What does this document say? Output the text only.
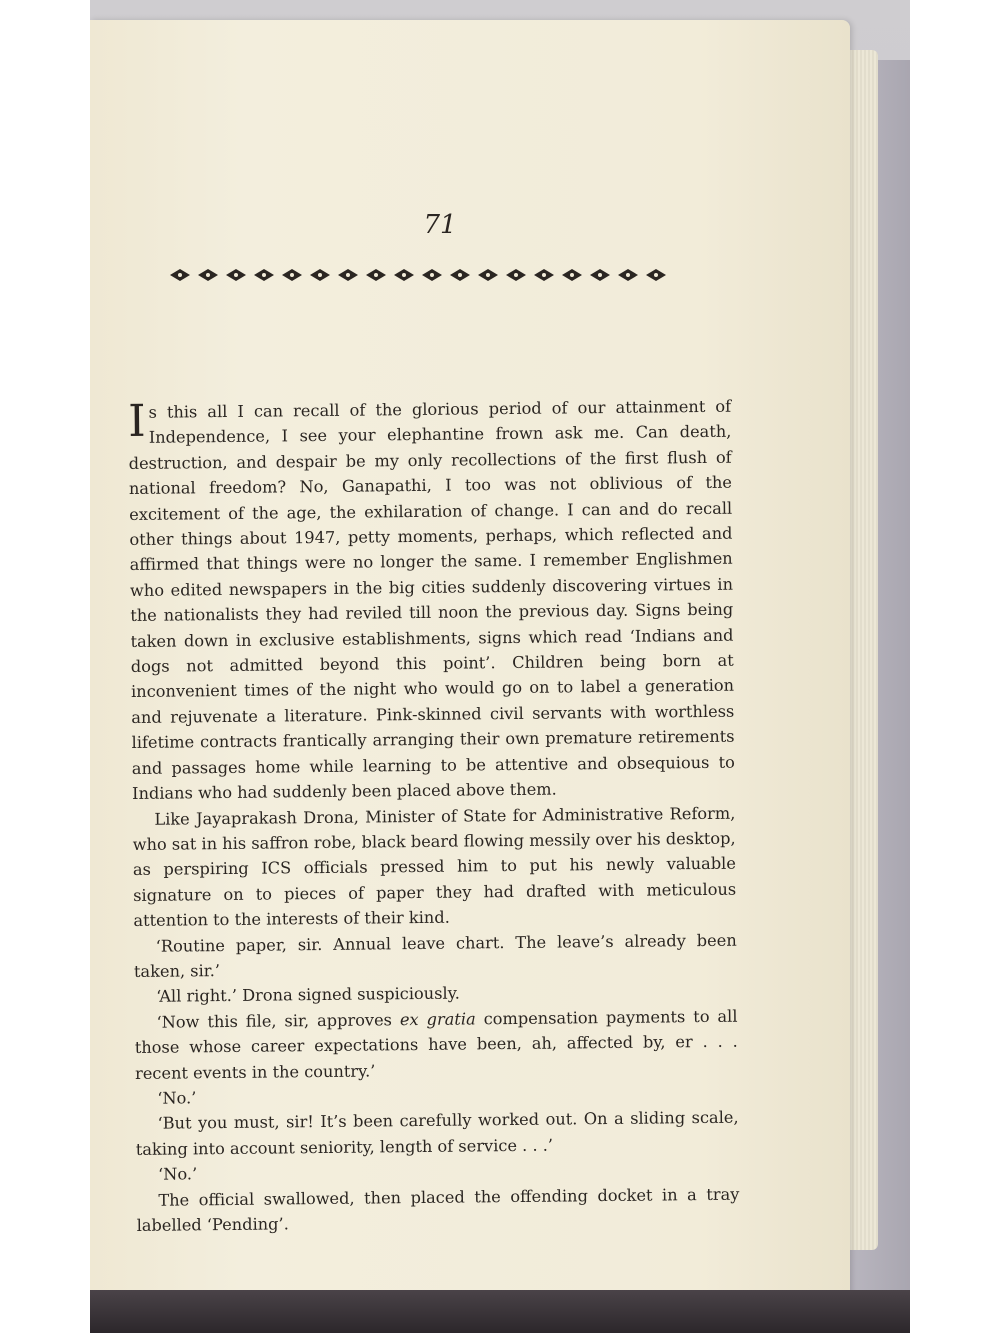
71

Is this all I can recall of the glorious period of our attainment of Independence, I see your elephantine frown ask me. Can death, destruction, and despair be my only recollections of the first flush of national freedom? No, Ganapathi, I too was not oblivious of the excitement of the age, the exhilaration of change. I can and do recall other things about 1947, petty moments, perhaps, which reflected and affirmed that things were no longer the same. I remember Englishmen who edited newspapers in the big cities suddenly discovering virtues in the nationalists they had reviled till noon the previous day. Signs being taken down in exclusive establishments, signs which read ‘Indians and dogs not admitted beyond this point’. Children being born at inconvenient times of the night who would go on to label a generation and rejuvenate a literature. Pink-skinned civil servants with worthless lifetime contracts frantically arranging their own premature retirements and passages home while learning to be attentive and obsequious to Indians who had suddenly been placed above them.

Like Jayaprakash Drona, Minister of State for Administrative Reform, who sat in his saffron robe, black beard flowing messily over his desktop, as perspiring ICS officials pressed him to put his newly valuable signature on to pieces of paper they had drafted with meticulous attention to the interests of their kind.

‘Routine paper, sir. Annual leave chart. The leave’s already been taken, sir.’

‘All right.’ Drona signed suspiciously.

‘Now this file, sir, approves ex gratia compensation payments to all those whose career expectations have been, ah, affected by, er . . . recent events in the country.’

‘No.’

‘But you must, sir! It’s been carefully worked out. On a sliding scale, taking into account seniority, length of service . . .’

‘No.’

The official swallowed, then placed the offending docket in a tray labelled ‘Pending’.
